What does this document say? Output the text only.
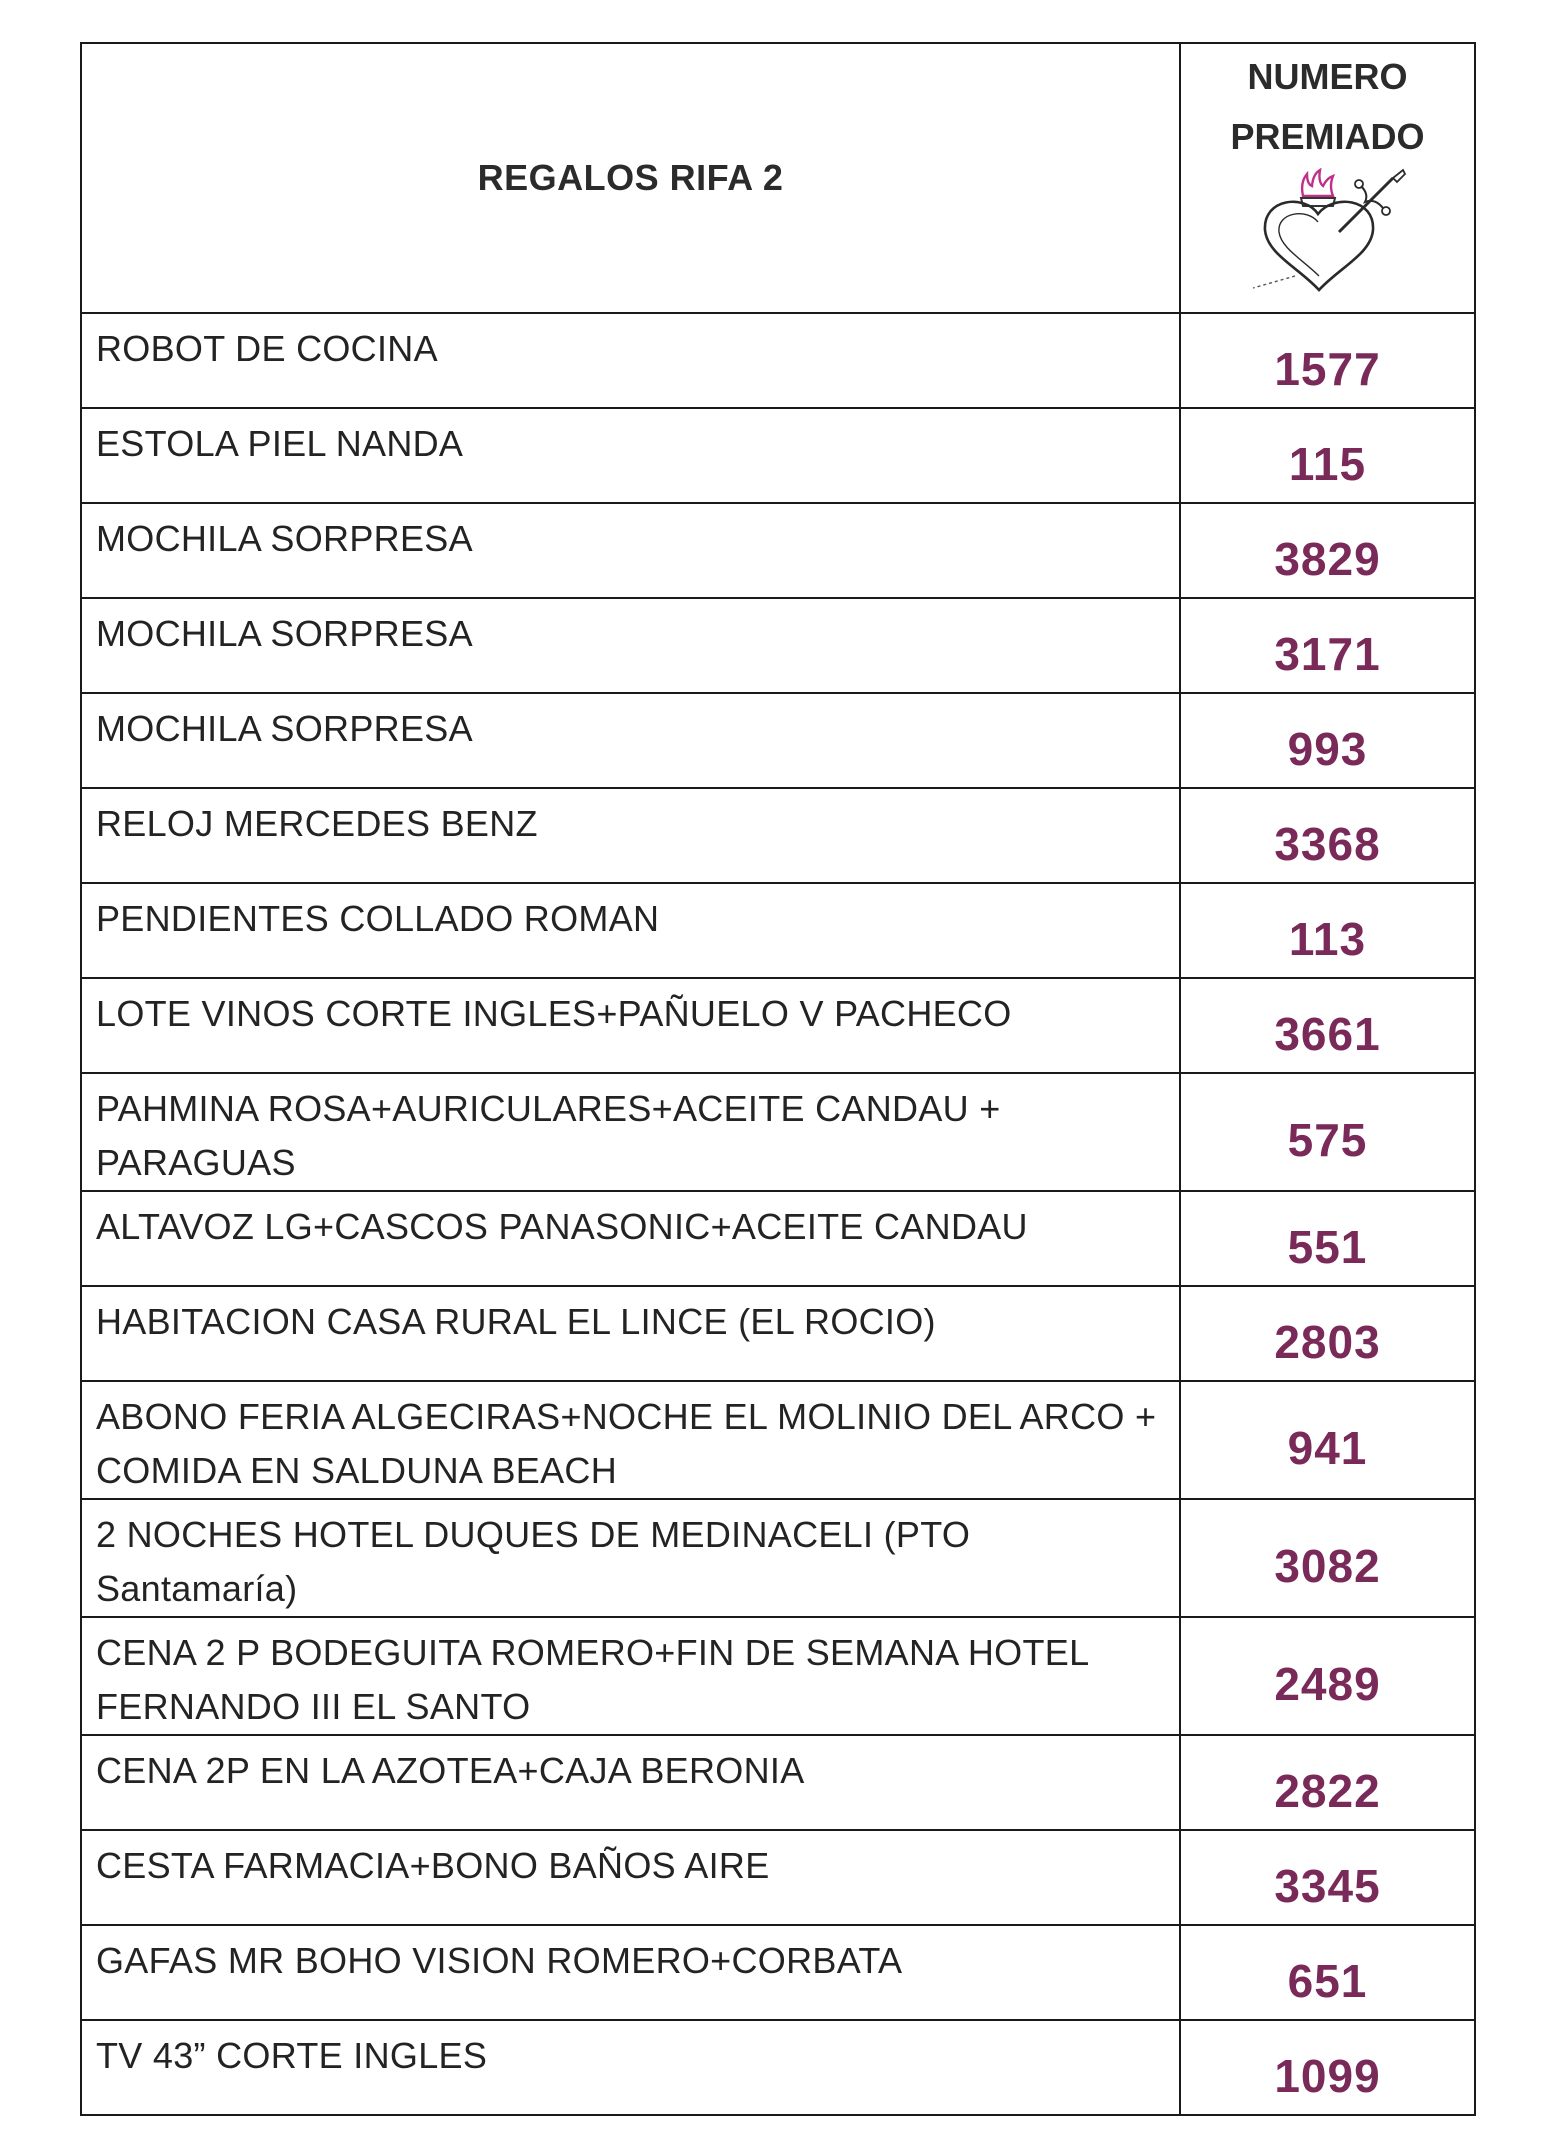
REGALOS RIFA 2	NUMERO
PREMIADO

ROBOT DE COCINA	1577
ESTOLA PIEL NANDA	115
MOCHILA SORPRESA	3829
MOCHILA SORPRESA	3171
MOCHILA SORPRESA	993
RELOJ MERCEDES BENZ	3368
PENDIENTES COLLADO ROMAN	113
LOTE VINOS CORTE INGLES+PAÑUELO V PACHECO	3661
PAHMINA ROSA+AURICULARES+ACEITE CANDAU + PARAGUAS	575
ALTAVOZ LG+CASCOS PANASONIC+ACEITE CANDAU	551
HABITACION CASA RURAL EL LINCE (EL ROCIO)	2803
ABONO FERIA ALGECIRAS+NOCHE EL MOLINIO DEL ARCO + COMIDA EN SALDUNA BEACH	941
2 NOCHES HOTEL DUQUES DE MEDINACELI (PTO Santamaría)	3082
CENA 2 P BODEGUITA ROMERO+FIN DE SEMANA HOTEL FERNANDO III EL SANTO	2489
CENA 2P EN LA AZOTEA+CAJA BERONIA	2822
CESTA FARMACIA+BONO BAÑOS AIRE	3345
GAFAS MR BOHO VISION ROMERO+CORBATA	651
TV 43” CORTE INGLES	1099
